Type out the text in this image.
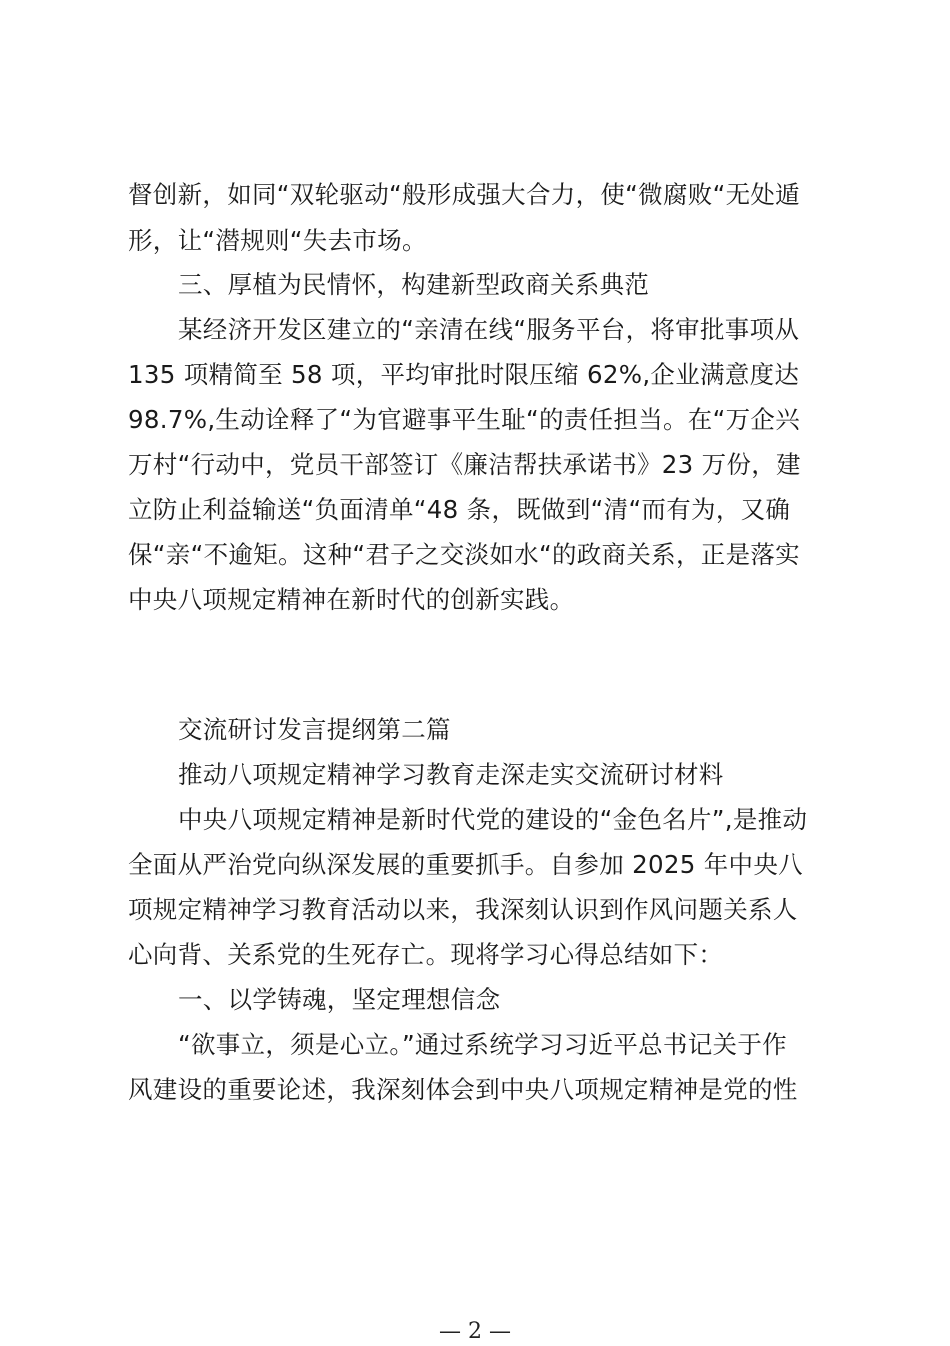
督创新，如同“双轮驱动“般形成强大合力，使“微腐败“无处遁
形，让“潜规则“失去市场。
三、厚植为民情怀，构建新型政商关系典范
某经济开发区建立的“亲清在线“服务平台，将审批事项从
135 项精简至 58 项，平均审批时限压缩 62%,企业满意度达
98.7%,生动诠释了“为官避事平生耻“的责任担当。在“万企兴
万村“行动中，党员干部签订《廉洁帮扶承诺书》23 万份，建
立防止利益输送“负面清单“48 条，既做到“清“而有为，又确
保“亲“不逾矩。这种“君子之交淡如水“的政商关系，正是落实
中央八项规定精神在新时代的创新实践。
交流研讨发言提纲第二篇
推动八项规定精神学习教育走深走实交流研讨材料
中央八项规定精神是新时代党的建设的“金色名片”,是推动
全面从严治党向纵深发展的重要抓手。自参加 2025 年中央八
项规定精神学习教育活动以来，我深刻认识到作风问题关系人
心向背、关系党的生死存亡。现将学习心得总结如下：
一、以学铸魂，坚定理想信念
“欲事立，须是心立。”通过系统学习习近平总书记关于作
风建设的重要论述，我深刻体会到中央八项规定精神是党的性
— 2 —
